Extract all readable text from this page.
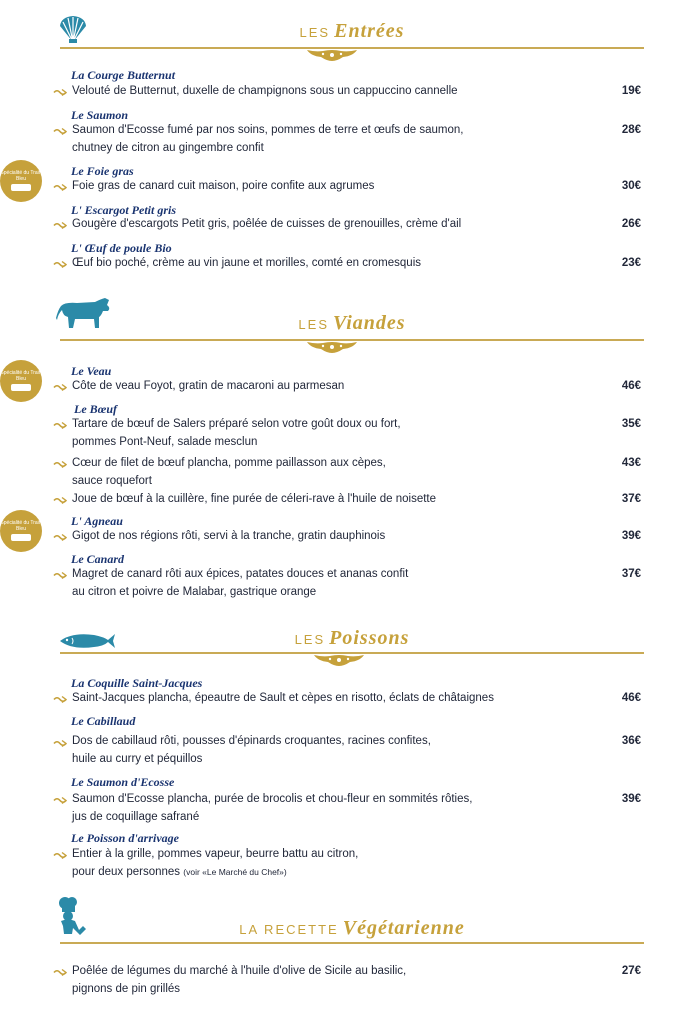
LES Entrées
La Courge Butternut
Velouté de Butternut, duxelle de champignons sous un cappuccino cannelle	19€
Le Saumon
Saumon d'Ecosse fumé par nos soins, pommes de terre et œufs de saumon,
chutney de citron au gingembre confit
28€
Spécialité du Train Bleu
Le Foie gras
Foie gras de canard cuit maison, poire confite aux agrumes	30€
L' Escargot Petit gris
Gougère d'escargots Petit gris, poêlée de cuisses de grenouilles, crème d'ail	26€
L' Œuf de poule Bio
Œuf bio poché, crème au vin jaune et morilles, comté en cromesquis	23€
LES Viandes
Spécialité du Train Bleu
Le Veau
Côte de veau Foyot, gratin de macaroni au parmesan	46€
Le Bœuf
Tartare de bœuf de Salers préparé selon votre goût doux ou fort,
pommes Pont-Neuf, salade mesclun
35€
Cœur de filet de bœuf plancha, pomme paillasson aux cèpes,
sauce roquefort
43€
Joue de bœuf à la cuillère, fine purée de céleri-rave à l'huile de noisette	37€
Spécialité du Train Bleu
L' Agneau
Gigot de nos régions rôti, servi à la tranche, gratin dauphinois	39€
Le Canard
Magret de canard rôti aux épices, patates douces et ananas confit
au citron et poivre de Malabar, gastrique orange
37€
LES Poissons
La Coquille Saint-Jacques
Saint-Jacques plancha, épeautre de Sault et cèpes en risotto, éclats de châtaignes	46€
Le Cabillaud
Dos de cabillaud rôti, pousses d'épinards croquantes, racines confites,
huile au curry et péquillos
36€
Le Saumon d'Ecosse
Saumon d'Ecosse plancha, purée de brocolis et chou-fleur en sommités rôties,
jus de coquillage safrané
39€
Le Poisson d'arrivage
Entier à la grille, pommes vapeur, beurre battu au citron,
pour deux personnes (voir «Le Marché du Chef»)
LA RECETTE Végétarienne
Poêlée de légumes du marché à l'huile d'olive de Sicile au basilic,
pignons de pin grillés
27€
